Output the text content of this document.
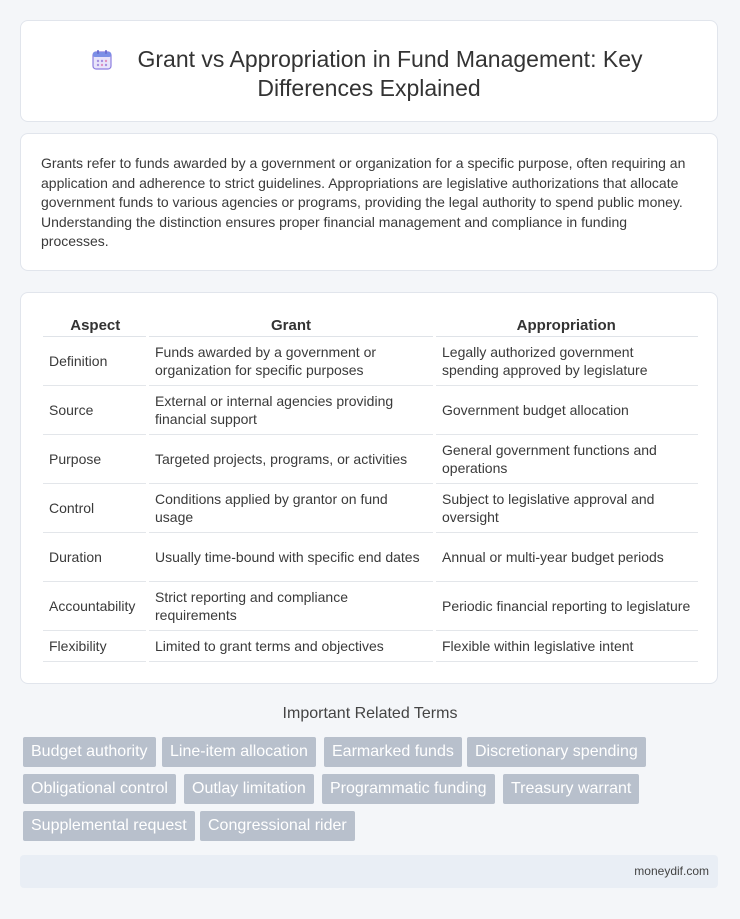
Grant vs Appropriation in Fund Management: Key
Differences Explained
Grants refer to funds awarded by a government or organization for a specific purpose, often requiring an application and adherence to strict guidelines. Appropriations are legislative authorizations that allocate government funds to various agencies or programs, providing the legal authority to spend public money. Understanding the distinction ensures proper financial management and compliance in funding processes.
Aspect	Grant	Appropriation
Definition	Funds awarded by a government or organization for specific purposes	Legally authorized government spending approved by legislature
Source	External or internal agencies providing financial support	Government budget allocation
Purpose	Targeted projects, programs, or activities	General government functions and operations
Control	Conditions applied by grantor on fund usage	Subject to legislative approval and oversight
Duration	Usually time-bound with specific end dates	Annual or multi-year budget periods
Accountability	Strict reporting and compliance requirements	Periodic financial reporting to legislature
Flexibility	Limited to grant terms and objectives	Flexible within legislative intent
Important Related Terms
Budget authority	Line-item allocation	Earmarked funds	Discretionary spending
Obligational control	Outlay limitation	Programmatic funding	Treasury warrant
Supplemental request	Congressional rider
moneydif.com
